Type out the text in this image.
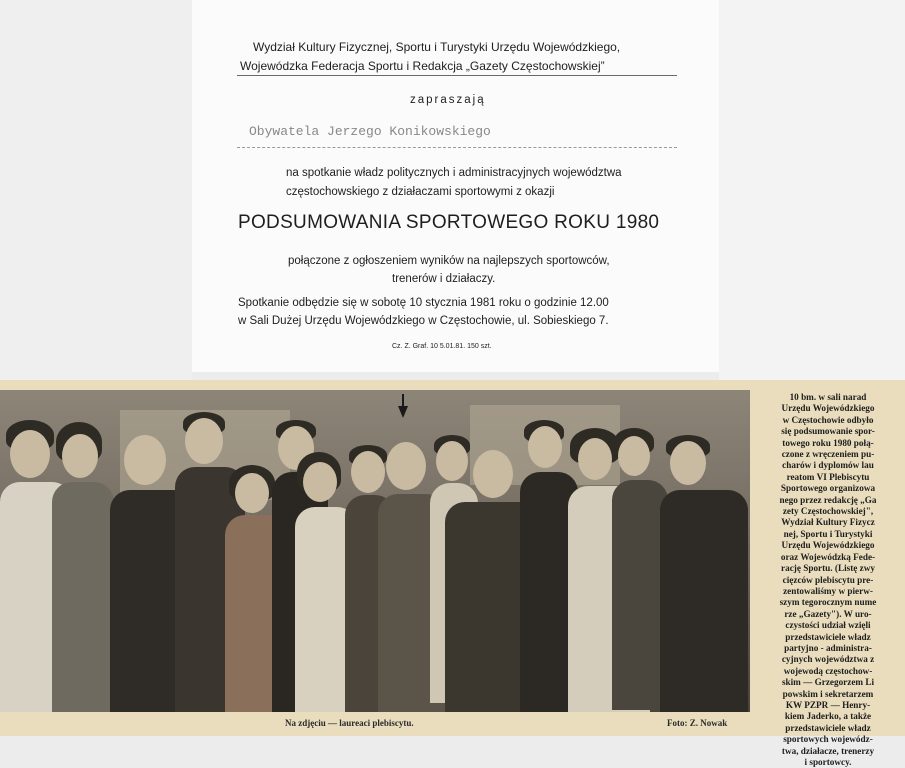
Wydział Kultury Fizycznej, Sportu i Turystyki Urzędu Wojewódzkiego,
Wojewódzka Federacja Sportu i Redakcja „Gazety Częstochowskiej”
zapraszają
Obywatela Jerzego Konikowskiego
na spotkanie władz politycznych i administracyjnych województwa
częstochowskiego z działaczami sportowymi z okazji
PODSUMOWANIA SPORTOWEGO ROKU 1980
połączone z ogłoszeniem wyników na najlepszych sportowców,
trenerów i działaczy.
Spotkanie odbędzie się w sobotę 10 stycznia 1981 roku o godzinie 12.00
w Sali Dużej Urzędu Wojewódzkiego w Częstochowie, ul. Sobieskiego 7.
Cz. Z. Graf. 10 5.01.81. 150 szt.
Na zdjęciu — laureaci plebiscytu.	Foto: Z. Nowak
10 bm. w sali narad
Urzędu Wojewódzkiego
w Częstochowie odbyło
się podsumowanie spor-
towego roku 1980 połą-
czone z wręczeniem pu-
charów i dyplomów lau
reatom VI Plebiscytu
Sportowego organizowa
nego przez redakcję „Ga
zety Częstochowskiej",
Wydział Kultury Fizycz
nej, Sportu i Turystyki
Urzędu Wojewódzkiego
oraz Wojewódzką Fede-
rację Sportu. (Listę zwy
cięzców plebiscytu pre-
zentowaliśmy w pierw-
szym tegorocznym nume
rze „Gazety"). W uro-
czystości udział wzięli
przedstawiciele władz
partyjno - administra-
cyjnych województwa z
wojewodą częstochow-
skim — Grzegorzem Li
powskim i sekretarzem
KW PZPR — Henry-
kiem Jaderko, a także
przedstawiciele władz
sportowych wojewódz-
twa, działacze, trenerzy
i sportowcy.
